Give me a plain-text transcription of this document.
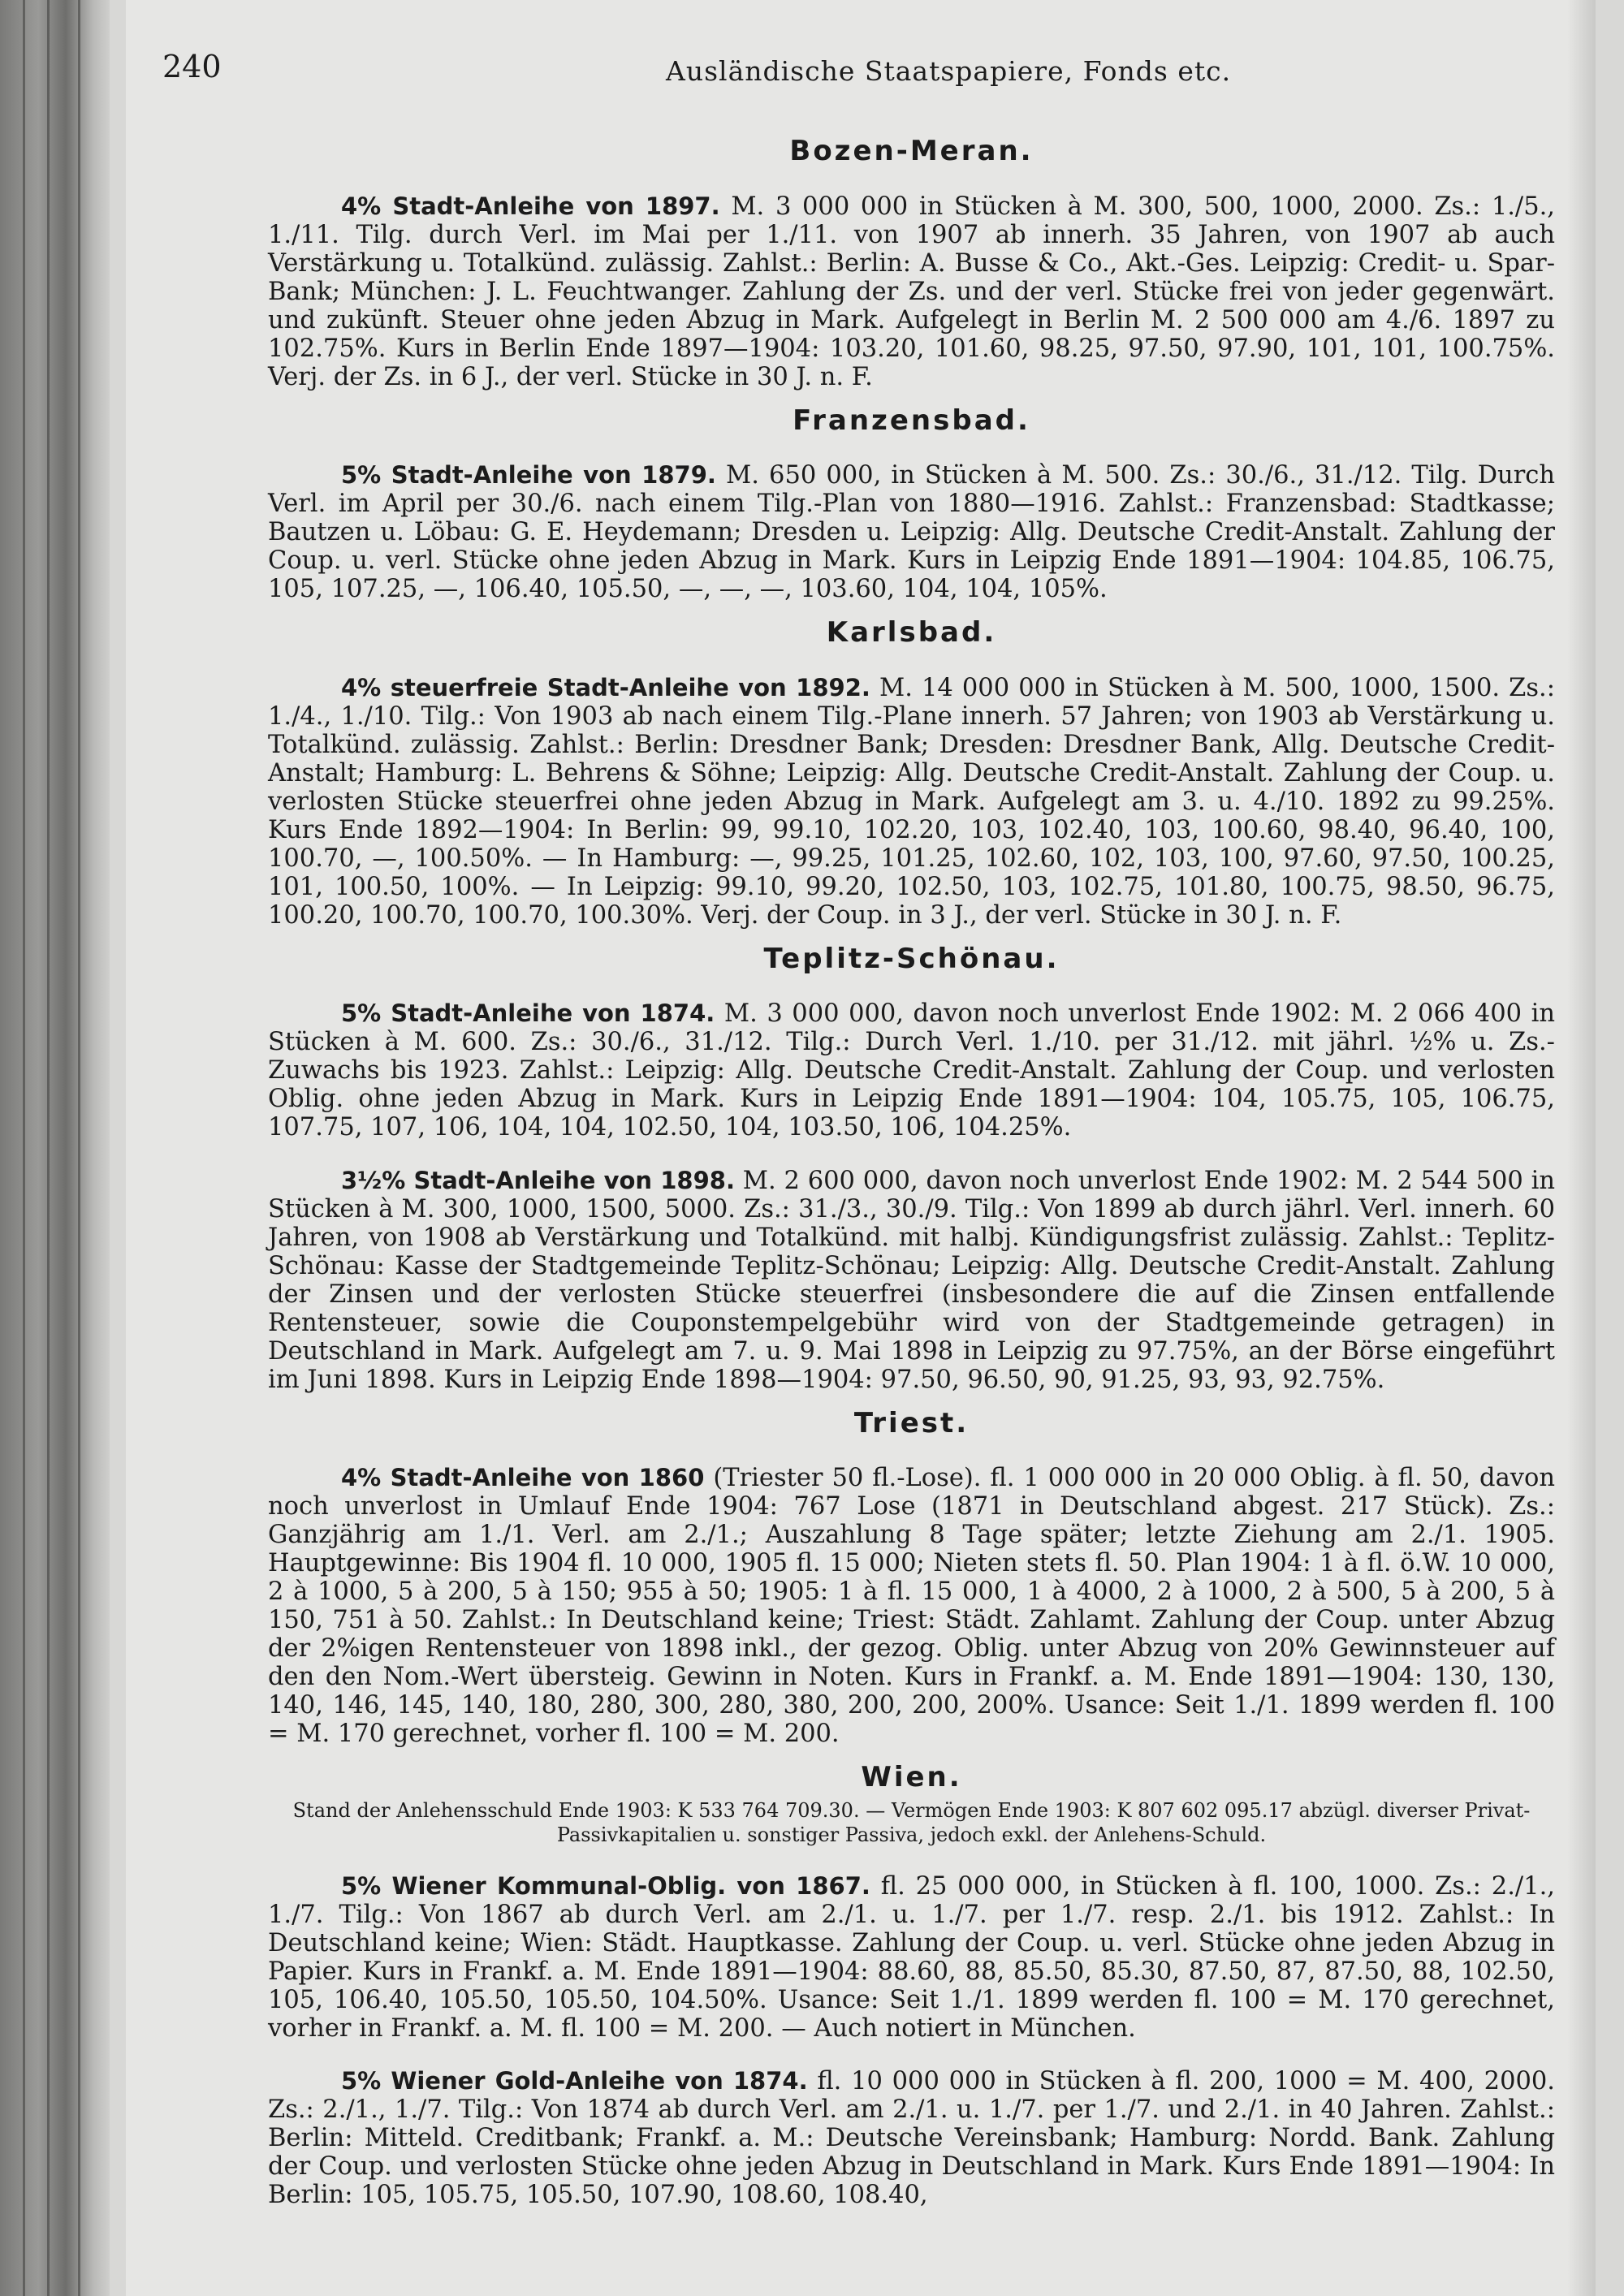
240	Ausländische Staatspapiere, Fonds etc.
Bozen-Meran.

4% Stadt-Anleihe von 1897. M. 3 000 000 in Stücken à M. 300, 500, 1000, 2000. Zs.: 1./5., 1./11. Tilg. durch Verl. im Mai per 1./11. von 1907 ab innerh. 35 Jahren, von 1907 ab auch Verstärkung u. Totalkünd. zulässig. Zahlst.: Berlin: A. Busse & Co., Akt.-Ges. Leipzig: Credit- u. Spar-Bank; München: J. L. Feuchtwanger. Zahlung der Zs. und der verl. Stücke frei von jeder gegenwärt. und zukünft. Steuer ohne jeden Abzug in Mark. Aufgelegt in Berlin M. 2 500 000 am 4./6. 1897 zu 102.75%. Kurs in Berlin Ende 1897—1904: 103.20, 101.60, 98.25, 97.50, 97.90, 101, 101, 100.75%. Verj. der Zs. in 6 J., der verl. Stücke in 30 J. n. F.

Franzensbad.

5% Stadt-Anleihe von 1879. M. 650 000, in Stücken à M. 500. Zs.: 30./6., 31./12. Tilg. Durch Verl. im April per 30./6. nach einem Tilg.-Plan von 1880—1916. Zahlst.: Franzensbad: Stadtkasse; Bautzen u. Löbau: G. E. Heydemann; Dresden u. Leipzig: Allg. Deutsche Credit-Anstalt. Zahlung der Coup. u. verl. Stücke ohne jeden Abzug in Mark. Kurs in Leipzig Ende 1891—1904: 104.85, 106.75, 105, 107.25, —, 106.40, 105.50, —, —, —, 103.60, 104, 104, 105%.

Karlsbad.

4% steuerfreie Stadt-Anleihe von 1892. M. 14 000 000 in Stücken à M. 500, 1000, 1500. Zs.: 1./4., 1./10. Tilg.: Von 1903 ab nach einem Tilg.-Plane innerh. 57 Jahren; von 1903 ab Verstärkung u. Totalkünd. zulässig. Zahlst.: Berlin: Dresdner Bank; Dresden: Dresdner Bank, Allg. Deutsche Credit-Anstalt; Hamburg: L. Behrens & Söhne; Leipzig: Allg. Deutsche Credit-Anstalt. Zahlung der Coup. u. verlosten Stücke steuerfrei ohne jeden Abzug in Mark. Aufgelegt am 3. u. 4./10. 1892 zu 99.25%. Kurs Ende 1892—1904: In Berlin: 99, 99.10, 102.20, 103, 102.40, 103, 100.60, 98.40, 96.40, 100, 100.70, —, 100.50%. — In Hamburg: —, 99.25, 101.25, 102.60, 102, 103, 100, 97.60, 97.50, 100.25, 101, 100.50, 100%. — In Leipzig: 99.10, 99.20, 102.50, 103, 102.75, 101.80, 100.75, 98.50, 96.75, 100.20, 100.70, 100.70, 100.30%. Verj. der Coup. in 3 J., der verl. Stücke in 30 J. n. F.

Teplitz-Schönau.

5% Stadt-Anleihe von 1874. M. 3 000 000, davon noch unverlost Ende 1902: M. 2 066 400 in Stücken à M. 600. Zs.: 30./6., 31./12. Tilg.: Durch Verl. 1./10. per 31./12. mit jährl. ½% u. Zs.-Zuwachs bis 1923. Zahlst.: Leipzig: Allg. Deutsche Credit-Anstalt. Zahlung der Coup. und verlosten Oblig. ohne jeden Abzug in Mark. Kurs in Leipzig Ende 1891—1904: 104, 105.75, 105, 106.75, 107.75, 107, 106, 104, 104, 102.50, 104, 103.50, 106, 104.25%.

3½% Stadt-Anleihe von 1898. M. 2 600 000, davon noch unverlost Ende 1902: M. 2 544 500 in Stücken à M. 300, 1000, 1500, 5000. Zs.: 31./3., 30./9. Tilg.: Von 1899 ab durch jährl. Verl. innerh. 60 Jahren, von 1908 ab Verstärkung und Totalkünd. mit halbj. Kündigungsfrist zulässig. Zahlst.: Teplitz-Schönau: Kasse der Stadtgemeinde Teplitz-Schönau; Leipzig: Allg. Deutsche Credit-Anstalt. Zahlung der Zinsen und der verlosten Stücke steuerfrei (insbesondere die auf die Zinsen entfallende Rentensteuer, sowie die Couponstempelgebühr wird von der Stadtgemeinde getragen) in Deutschland in Mark. Aufgelegt am 7. u. 9. Mai 1898 in Leipzig zu 97.75%, an der Börse eingeführt im Juni 1898. Kurs in Leipzig Ende 1898—1904: 97.50, 96.50, 90, 91.25, 93, 93, 92.75%.

Triest.

4% Stadt-Anleihe von 1860 (Triester 50 fl.-Lose). fl. 1 000 000 in 20 000 Oblig. à fl. 50, davon noch unverlost in Umlauf Ende 1904: 767 Lose (1871 in Deutschland abgest. 217 Stück). Zs.: Ganzjährig am 1./1. Verl. am 2./1.; Auszahlung 8 Tage später; letzte Ziehung am 2./1. 1905. Hauptgewinne: Bis 1904 fl. 10 000, 1905 fl. 15 000; Nieten stets fl. 50. Plan 1904: 1 à fl. ö.W. 10 000, 2 à 1000, 5 à 200, 5 à 150; 955 à 50; 1905: 1 à fl. 15 000, 1 à 4000, 2 à 1000, 2 à 500, 5 à 200, 5 à 150, 751 à 50. Zahlst.: In Deutschland keine; Triest: Städt. Zahlamt. Zahlung der Coup. unter Abzug der 2%igen Rentensteuer von 1898 inkl., der gezog. Oblig. unter Abzug von 20% Gewinnsteuer auf den den Nom.-Wert übersteig. Gewinn in Noten. Kurs in Frankf. a. M. Ende 1891—1904: 130, 130, 140, 146, 145, 140, 180, 280, 300, 280, 380, 200, 200, 200%. Usance: Seit 1./1. 1899 werden fl. 100 = M. 170 gerechnet, vorher fl. 100 = M. 200.

Wien.
Stand der Anlehensschuld Ende 1903: K 533 764 709.30. — Vermögen Ende 1903: K 807 602 095.17 abzügl. diverser Privat-Passivkapitalien u. sonstiger Passiva, jedoch exkl. der Anlehens-Schuld.

5% Wiener Kommunal-Oblig. von 1867. fl. 25 000 000, in Stücken à fl. 100, 1000. Zs.: 2./1., 1./7. Tilg.: Von 1867 ab durch Verl. am 2./1. u. 1./7. per 1./7. resp. 2./1. bis 1912. Zahlst.: In Deutschland keine; Wien: Städt. Hauptkasse. Zahlung der Coup. u. verl. Stücke ohne jeden Abzug in Papier. Kurs in Frankf. a. M. Ende 1891—1904: 88.60, 88, 85.50, 85.30, 87.50, 87, 87.50, 88, 102.50, 105, 106.40, 105.50, 105.50, 104.50%. Usance: Seit 1./1. 1899 werden fl. 100 = M. 170 gerechnet, vorher in Frankf. a. M. fl. 100 = M. 200. — Auch notiert in München.

5% Wiener Gold-Anleihe von 1874. fl. 10 000 000 in Stücken à fl. 200, 1000 = M. 400, 2000. Zs.: 2./1., 1./7. Tilg.: Von 1874 ab durch Verl. am 2./1. u. 1./7. per 1./7. und 2./1. in 40 Jahren. Zahlst.: Berlin: Mitteld. Creditbank; Frankf. a. M.: Deutsche Vereinsbank; Hamburg: Nordd. Bank. Zahlung der Coup. und verlosten Stücke ohne jeden Abzug in Deutschland in Mark. Kurs Ende 1891—1904: In Berlin: 105, 105.75, 105.50, 107.90, 108.60, 108.40,
